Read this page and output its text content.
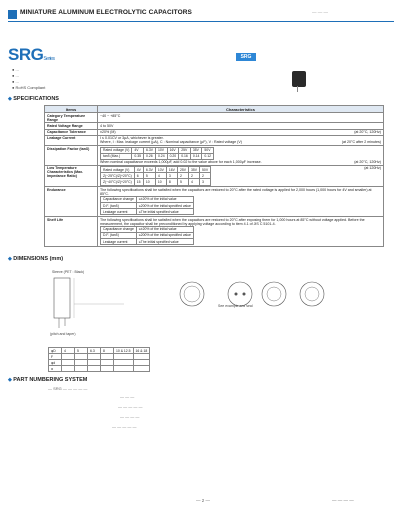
MINIATURE ALUMINUM ELECTROLYTIC CAPACITORS	— — —
SRGSeries	SRG
● ...
● ...
● ...
● RoHS Compliant
◆ SPECIFICATIONS
Items	Characteristics
Category Temperature Range	−40 ~ +85°C
Rated Voltage Range	4 to 50V
Capacitance Tolerance	±20% (M)	(at 20°C, 120Hz)

Leakage Current	I ≤ 0.01CV or 3μA, whichever is greater.
Where, I : Max. leakage current (μA), C : Nominal capacitance (μF), V : Rated voltage (V)	(at 20°C after 2 minutes)

Dissipation Factor (tanδ)		Rated voltage (V)	4V	6.3V	10V	16V	25V	35V	50V
tanδ (Max.)	0.35	0.26	0.24	0.20	0.16	0.14	0.12
When nominal capacitance exceeds 1,000μF, add 0.02 to the value above for each 1,000μF increase.	(at 20°C, 120Hz)

Low Temperature Characteristics (Max. Impedance Ratio)	Rated voltage (V)	4V	6.3V	10V	16V	25V	35V	50V
Z(−25°C)/Z(+20°C)	6	5	4	3	2	2	2
Z(−40°C)/Z(+20°C)	15	10	10	8	5	4	3
(at 120Hz)

Endurance	The following specifications shall be satisfied when the capacitors are restored to 20°C after the rated voltage is applied for 2,000 hours (1,000 hours for 4V and smaller) at 85°C.
Capacitance change	≤±20% of the initial value
D.F. (tanδ)	≤200% of the initial specified value
Leakage current	≤The initial specified value

Shelf Life	The following specifications shall be satisfied when the capacitors are restored to 20°C after exposing them for 1,000 hours at 85°C without voltage applied. Before the measurement, the capacitor shall be preconditioned by applying voltage according to item 4.1 of JIS C 5101-4.
Capacitance change	≤±20% of the initial value
D.F. (tanδ)	≤200% of the initial specified value
Leakage current	≤The initial specified value
◆ DIMENSIONS (mm)
Sleeve (PET : Black)
See example and seal
(pitch and taper)
φD	4	5	6.3	8	10 & 12.5	16 & 18
F						
φd						
α						
◆ PART NUMBERING SYSTEM
— SRG — — — — —
— — —
— — — — —
— — — —
— — — — —
— 2 —	— — — —
